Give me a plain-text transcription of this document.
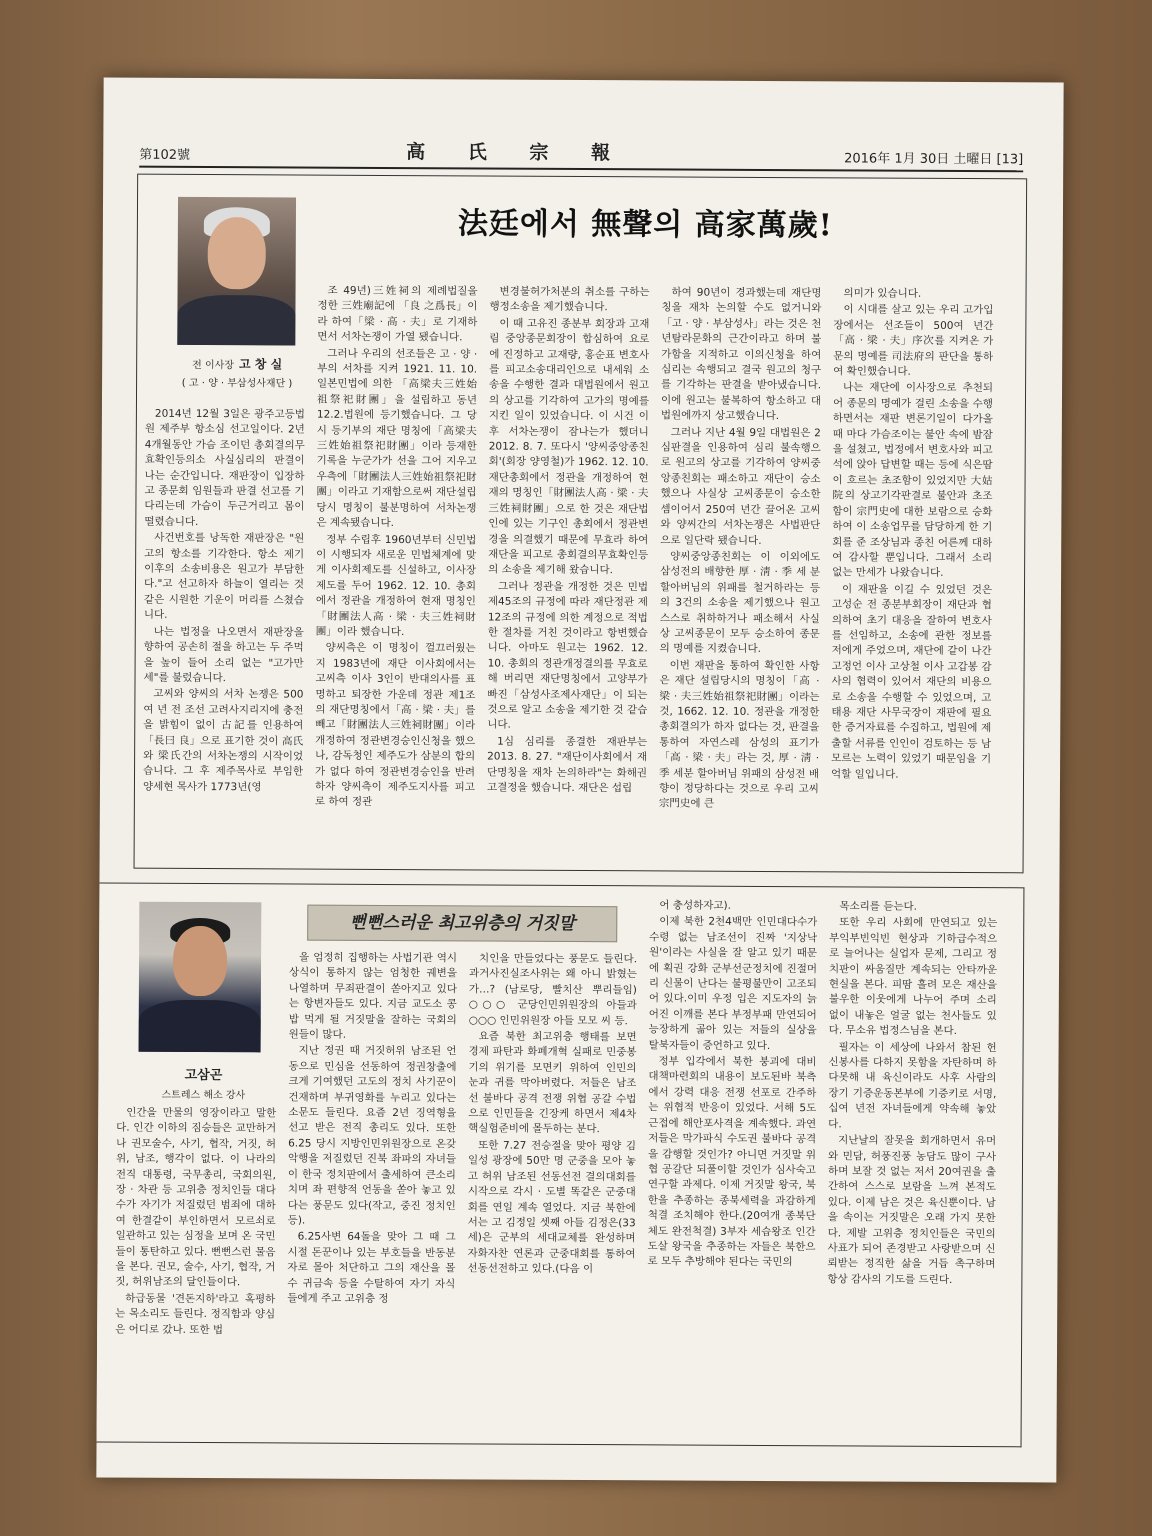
第102號	高 氏 宗 報	2016年 1月 30日 土曜日 [13]
전 이사장 고 창 실
( 고 · 양 · 부삼성사재단 )
法廷에서 無聲의 高家萬歲!

2014년 12월 3일은 광주고등법원 제주부 항소심 선고일이다. 2년 4개월동안 가슴 조이던 총회결의무효확인등의소 사실심리의 판결이 나는 순간입니다. 재판장이 입장하고 종문회 임원들과 판결 선고를 기다리는데 가슴이 두근거리고 몸이 떨렸습니다.

사건번호를 낭독한 재판장은 "원고의 항소를 기각한다. 항소 제기 이후의 소송비용은 원고가 부담한다."고 선고하자 하늘이 열리는 것 같은 시원한 기운이 머리를 스쳤습니다.

나는 법정을 나오면서 재판장을 향하여 공손히 절을 하고는 두 주먹을 높이 들어 소리 없는 "고가만세"를 불렀습니다.

고씨와 양씨의 서차 논쟁은 500여 년 전 조선 고려사지리지에 충전을 밝힘이 없이 古記를 인용하여 「長曰 良」으로 표기한 것이 高氏와 梁氏간의 서차논쟁의 시작이었습니다. 그 후 제주목사로 부임한 양세현 목사가 1773년(영

조 49년)三姓祠의 제례법질을 정한 三姓廟記에 「良 之爲長」이라 하여「梁 · 高 · 夫」로 기재하면서 서차논쟁이 가열 됐습니다.

그러나 우리의 선조들은 고 · 양 · 부의 서차를 지켜 1921. 11. 10. 일본민법에 의한 「高梁夫三姓始祖祭祀財團」을 설립하고 동년 12.2.법원에 등기했습니다. 그 당시 등기부의 재단 명칭에「高梁夫三姓始祖祭祀財團」이라 등재한 기록을 누군가가 선을 그어 지우고 우측에「財團法人三姓始祖祭祀財團」이라고 기재함으로써 재단설립당시 명칭이 불분명하여 서차논쟁은 계속됐습니다.

정부 수립후 1960년부터 신민법이 시행되자 새로운 민법체계에 맞게 이사회제도를 신설하고, 이사장 제도를 두어 1962. 12. 10. 총회에서 정관을 개정하여 현재 명칭인「財團法人高 · 梁 · 夫三姓祠財團」이라 했습니다.

양씨측은 이 명칭이 껄끄러웠는지 1983년에 재단 이사회에서는 고씨측 이사 3인이 반대의사를 표명하고 퇴장한 가운데 정관 제1조의 재단명칭에서「高 · 梁 · 夫」를 빼고「財團法人三姓祠財團」이라 개정하여 정관변경승인신청을 했으나, 감독청인 제주도가 삼분의 합의가 없다 하여 정관변경승인을 반려하자 양씨측이 제주도지사를 피고로 하여 정관

변경불허가처분의 취소를 구하는 행정소송을 제기했습니다.

이 때 고유진 종분부 회장과 고재림 중앙종문회장이 합심하여 요로에 진정하고 고재량, 홍순표 변호사를 피고소송대리인으로 내세워 소송을 수행한 결과 대법원에서 원고의 상고를 기각하여 고가의 명예를 지킨 일이 있었습니다. 이 시건 이후 서차논쟁이 잠나는가 했더니 2012. 8. 7. 또다시 '양씨중앙종친회'(회장 양영철)가 1962. 12. 10. 재단총회에서 정관을 개정하여 현재의 명칭인「財團法人高 · 梁 · 夫三姓祠財團」으로 한 것은 재단법인에 있는 기구인 총회에서 정관변경을 의결했기 때문에 무효라 하여 재단을 피고로 총회결의무효확인등의 소송을 제기해 왔습니다.

그러나 정관을 개정한 것은 민법 제45조의 규정에 따라 재단정관 제12조의 규정에 의한 계정으로 적법한 절차를 거친 것이라고 항변했습니다. 아마도 원고는 1962. 12. 10. 총회의 정관개정결의를 무효로 해 버리면 재단명칭에서 고양부가 빠진「삼성사조제사재단」이 되는 것으로 알고 소송을 제기한 것 같습니다.

1심 심리를 종결한 재판부는 2013. 8. 27. "재단이사회에서 재단명칭을 재차 논의하라"는 화해권고결정을 했습니다. 재단은 섭립

하여 90년이 경과했는데 재단명칭을 재차 논의할 수도 없거니와「고 · 양 · 부삼성사」라는 것은 천년탐라문화의 근간이라고 하며 불가함을 지적하고 이의신청을 하여 심리는 속행되고 결국 원고의 청구를 기각하는 판결을 받아냈습니다. 이에 원고는 불복하여 항소하고 대법원에까지 상고했습니다.

그러나 지난 4월 9일 대법원은 2심판결을 인용하여 심리 불속행으로 원고의 상고를 기각하여 양씨중앙종친회는 패소하고 재단이 승소했으나 사실상 고씨종문이 승소한 셈이어서 250여 년간 끌어온 고씨와 양씨간의 서차논쟁은 사법판단으로 일단락 됐습니다.

양씨중앙종친회는 이 이외에도 삼성전의 배향한 厚 · 淸 · 季 세 분 할아버님의 위패를 철거하라는 등의 3건의 소송을 제기했으나 원고 스스로 취하하거나 패소해서 사실상 고씨종문이 모두 승소하여 종문의 명예를 지켰습니다.

이번 재판을 통하여 확인한 사항은 재단 설립당시의 명칭이「高 · 梁 · 夫三姓始祖祭祀財團」이라는 것, 1662. 12. 10. 정관을 개정한 총회결의가 하자 없다는 것, 판결을 통하여 자연스레 삼성의 표기가「高 · 梁 · 夫」라는 것, 厚 · 淸 · 季 세분 할아버님 위패의 삼성전 배향이 정당하다는 것으로 우리 고씨宗門史에 큰

의미가 있습니다.

이 시대를 살고 있는 우리 고가입장에서는 선조들이 500여 년간「高 · 梁 · 夫」序次를 지켜온 가문의 명예를 司法府의 판단을 통하여 확인했습니다.

나는 재단에 이사장으로 추천되어 종문의 명예가 걸린 소송을 수행하면서는 재판 변론기일이 다가올 때 마다 가슴조이는 불안 속에 밤잠을 설쳤고, 법정에서 변호사와 피고석에 앉아 답변할 때는 등에 식은땀이 흐르는 초조함이 있었지만 大姑院의 상고기각판결로 불안과 초조함이 宗門史에 대한 보람으로 승화하여 이 소송업무를 담당하게 한 기회를 준 조상님과 종친 어른께 대하여 감사할 뿐입니다. 그래서 소리 없는 만세가 나왔습니다.

이 재판을 이길 수 있었던 것은 고성순 전 종분부회장이 재단과 협의하여 초기 대응을 잘하여 변호사를 선임하고, 소송에 관한 정보를 저에게 주었으며, 재단에 같이 나간 고정언 이사 고상철 이사 고갑봉 감사의 협력이 있어서 재단의 비용으로 소송을 수행할 수 있었으며, 고태용 재단 사무국장이 재판에 필요한 증거자료를 수집하고, 법원에 제출할 서류를 인인이 검토하는 등 남모르는 노력이 있었기 때문임을 기억할 일입니다.

고삼곤
스트레스 해소 강사
뻔뻔스러운 최고위층의 거짓말

인간을 만물의 영장이라고 말한다. 인간 이하의 짐승들은 교만하거나 권모술수, 사기, 협작, 거짓, 허위, 남조, 행각이 없다. 이 나라의 전직 대통령, 국무총리, 국회의원, 장 · 차관 등 고위층 정치인들 대다수가 자기가 저질렀던 범죄에 대하여 한결같이 부인하면서 모르쇠로 일관하고 있는 심정을 보며 온 국민들이 통탄하고 있다. 뻔뻔스런 물음을 본다. 권모, 술수, 사기, 협작, 거짓, 허위남조의 달인들이다.

하급동물 '견돈지하'라고 혹평하는 목소리도 들린다. 정직함과 양심은 어디로 갔나. 또한 법

을 엄정히 집행하는 사법기관 역시 상식이 통하지 않는 엄청한 궤변을 나열하며 무죄판결이 쏟아지고 있다는 항변자들도 있다. 지금 교도소 콩밥 먹게 될 거짓말을 잘하는 국회의원들이 많다.

지난 정권 때 거짓허위 남조된 언동으로 민심을 선동하여 정권창출에 크게 기여했던 고도의 정치 사기꾼이 건재하며 부귀영화를 누리고 있다는 소문도 들린다. 요즘 2년 징역형을 선고 받은 전직 총리도 있다. 또한 6.25 당시 지방인민위원장으로 온갖 악행을 저질렀던 진북 좌파의 자녀들이 한국 정치판에서 출세하여 큰소리치며 좌 편향적 언동을 쏟아 놓고 있다는 풍문도 있다(작고, 중진 정치인 등).

6.25사변 64돌을 맞아 그 때 그 시절 돈꾼이나 있는 부호들을 반동분자로 몰아 처단하고 그의 재산을 몰수 귀금속 등을 수탈하여 자기 자식들에게 주고 고위층 정

치인을 만들었다는 풍문도 들린다.과거사진실조사위는 왜 아니 밝혔는가…? (남로당, 빨치산 뿌리들임) ○○○ 군당인민위원장의 아들과 ○○○ 인민위원장 아들 모모 씨 등.

요즘 북한 최고위층 행태를 보면 경제 파탄과 화폐개혁 실패로 민중봉기의 위기를 모면키 위하여 인민의 눈과 귀를 막아버렸다. 저들은 남조선 불바다 공격 전쟁 위협 공갈 수법으로 인민들을 긴장케 하면서 제4차 핵실험준비에 몰두하는 분다.

또한 7.27 전승절을 맞아 평양 김일성 광장에 50만 명 군중을 모아 놓고 허위 남조된 선동선전 결의대회를 시작으로 각시 · 도별 똑같은 군중대회를 연일 계속 열었다. 지금 북한에서는 고 김정일 셋째 아들 김정은(33세)은 군부의 세대교체를 완성하며 자화자찬 연론과 군중대회를 통하여 선동선전하고 있다.(다음 이

어 충성하자고).

이제 북한 2천4백만 인민대다수가 수령 없는 남조선이 진짜 '지상낙원'이라는 사실을 잘 알고 있기 때문에 획권 강화 군부선군정치에 진절머리 신물이 난다는 불평불만이 고조되어 있다.이미 우정 입은 지도자의 늙어진 이깨를 본다 부정부패 만연되어 능장하게 곪아 있는 저들의 실상을 탈북자들이 증언하고 있다.

정부 입각에서 북한 붕괴에 대비 대책마련회의 내용이 보도된바 북측에서 강력 대응 전쟁 선포로 간주하는 위협적 반응이 있었다. 서해 5도 근접에 해안포사격을 계속했다. 과연 저들은 막가파식 수도권 불바다 공격을 감행할 것인가? 아니면 거짓말 위협 공갈단 되풀이할 것인가 심사숙고 연구할 과제다. 이제 거짓말 왕국, 북한을 추종하는 종북세력을 과감하게 척결 조치해야 한다.(20여개 종북단체도 완전척결) 3부자 세습왕조 인간도살 왕국을 추종하는 자들은 북한으로 모두 추방해야 된다는 국민의

목소리를 듣는다.

또한 우리 사회에 만연되고 있는 부익부빈익빈 현상과 기하급수적으로 늘어나는 실업자 문제, 그리고 정치판이 싸움질만 계속되는 안타까운 현실을 본다. 피땀 흘려 모은 재산을 불우한 이웃에게 나누어 주며 소리 없이 내놓은 얼굴 없는 천사들도 있다. 무소유 법정스님을 본다.

필자는 이 세상에 나와서 참된 헌신봉사를 다하지 못함을 자탄하며 하다못해 내 육신이라도 사후 사람의 장기 기증운동본부에 기증키로 서명, 십여 년전 자녀들에게 약속해 놓았다.

지난날의 잘못을 회개하면서 유머와 민담, 허풍진풍 농담도 많이 구사하며 보잘 것 없는 저서 20여권을 출간하여 스스로 보람을 느껴 본적도 있다. 이제 남은 것은 육신뿐이다. 남을 속이는 거짓말은 오래 가지 못한다. 제발 고위층 정치인들은 국민의 사표가 되어 존경받고 사랑받으며 신뢰받는 정직한 삶을 거듭 촉구하며 항상 감사의 기도를 드린다.
